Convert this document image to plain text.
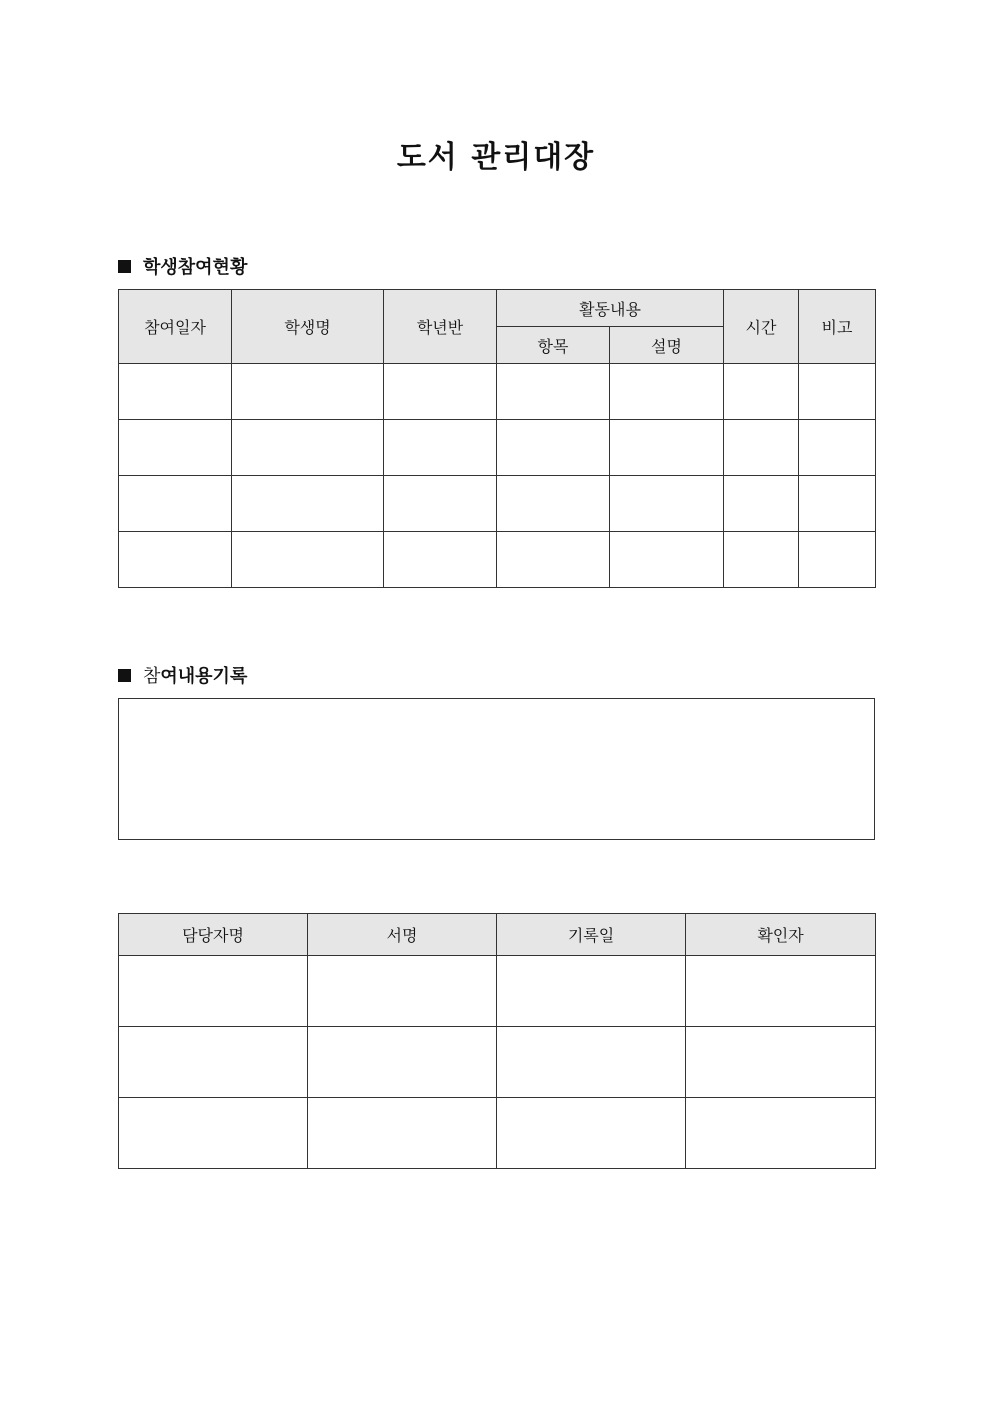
도서 관리대장
학생참여현황
참여일자	학생명	학년반	활동내용		시간	비고
			항목	설명		

참 여내용기록
담당자명	서명	기록일	확인자
